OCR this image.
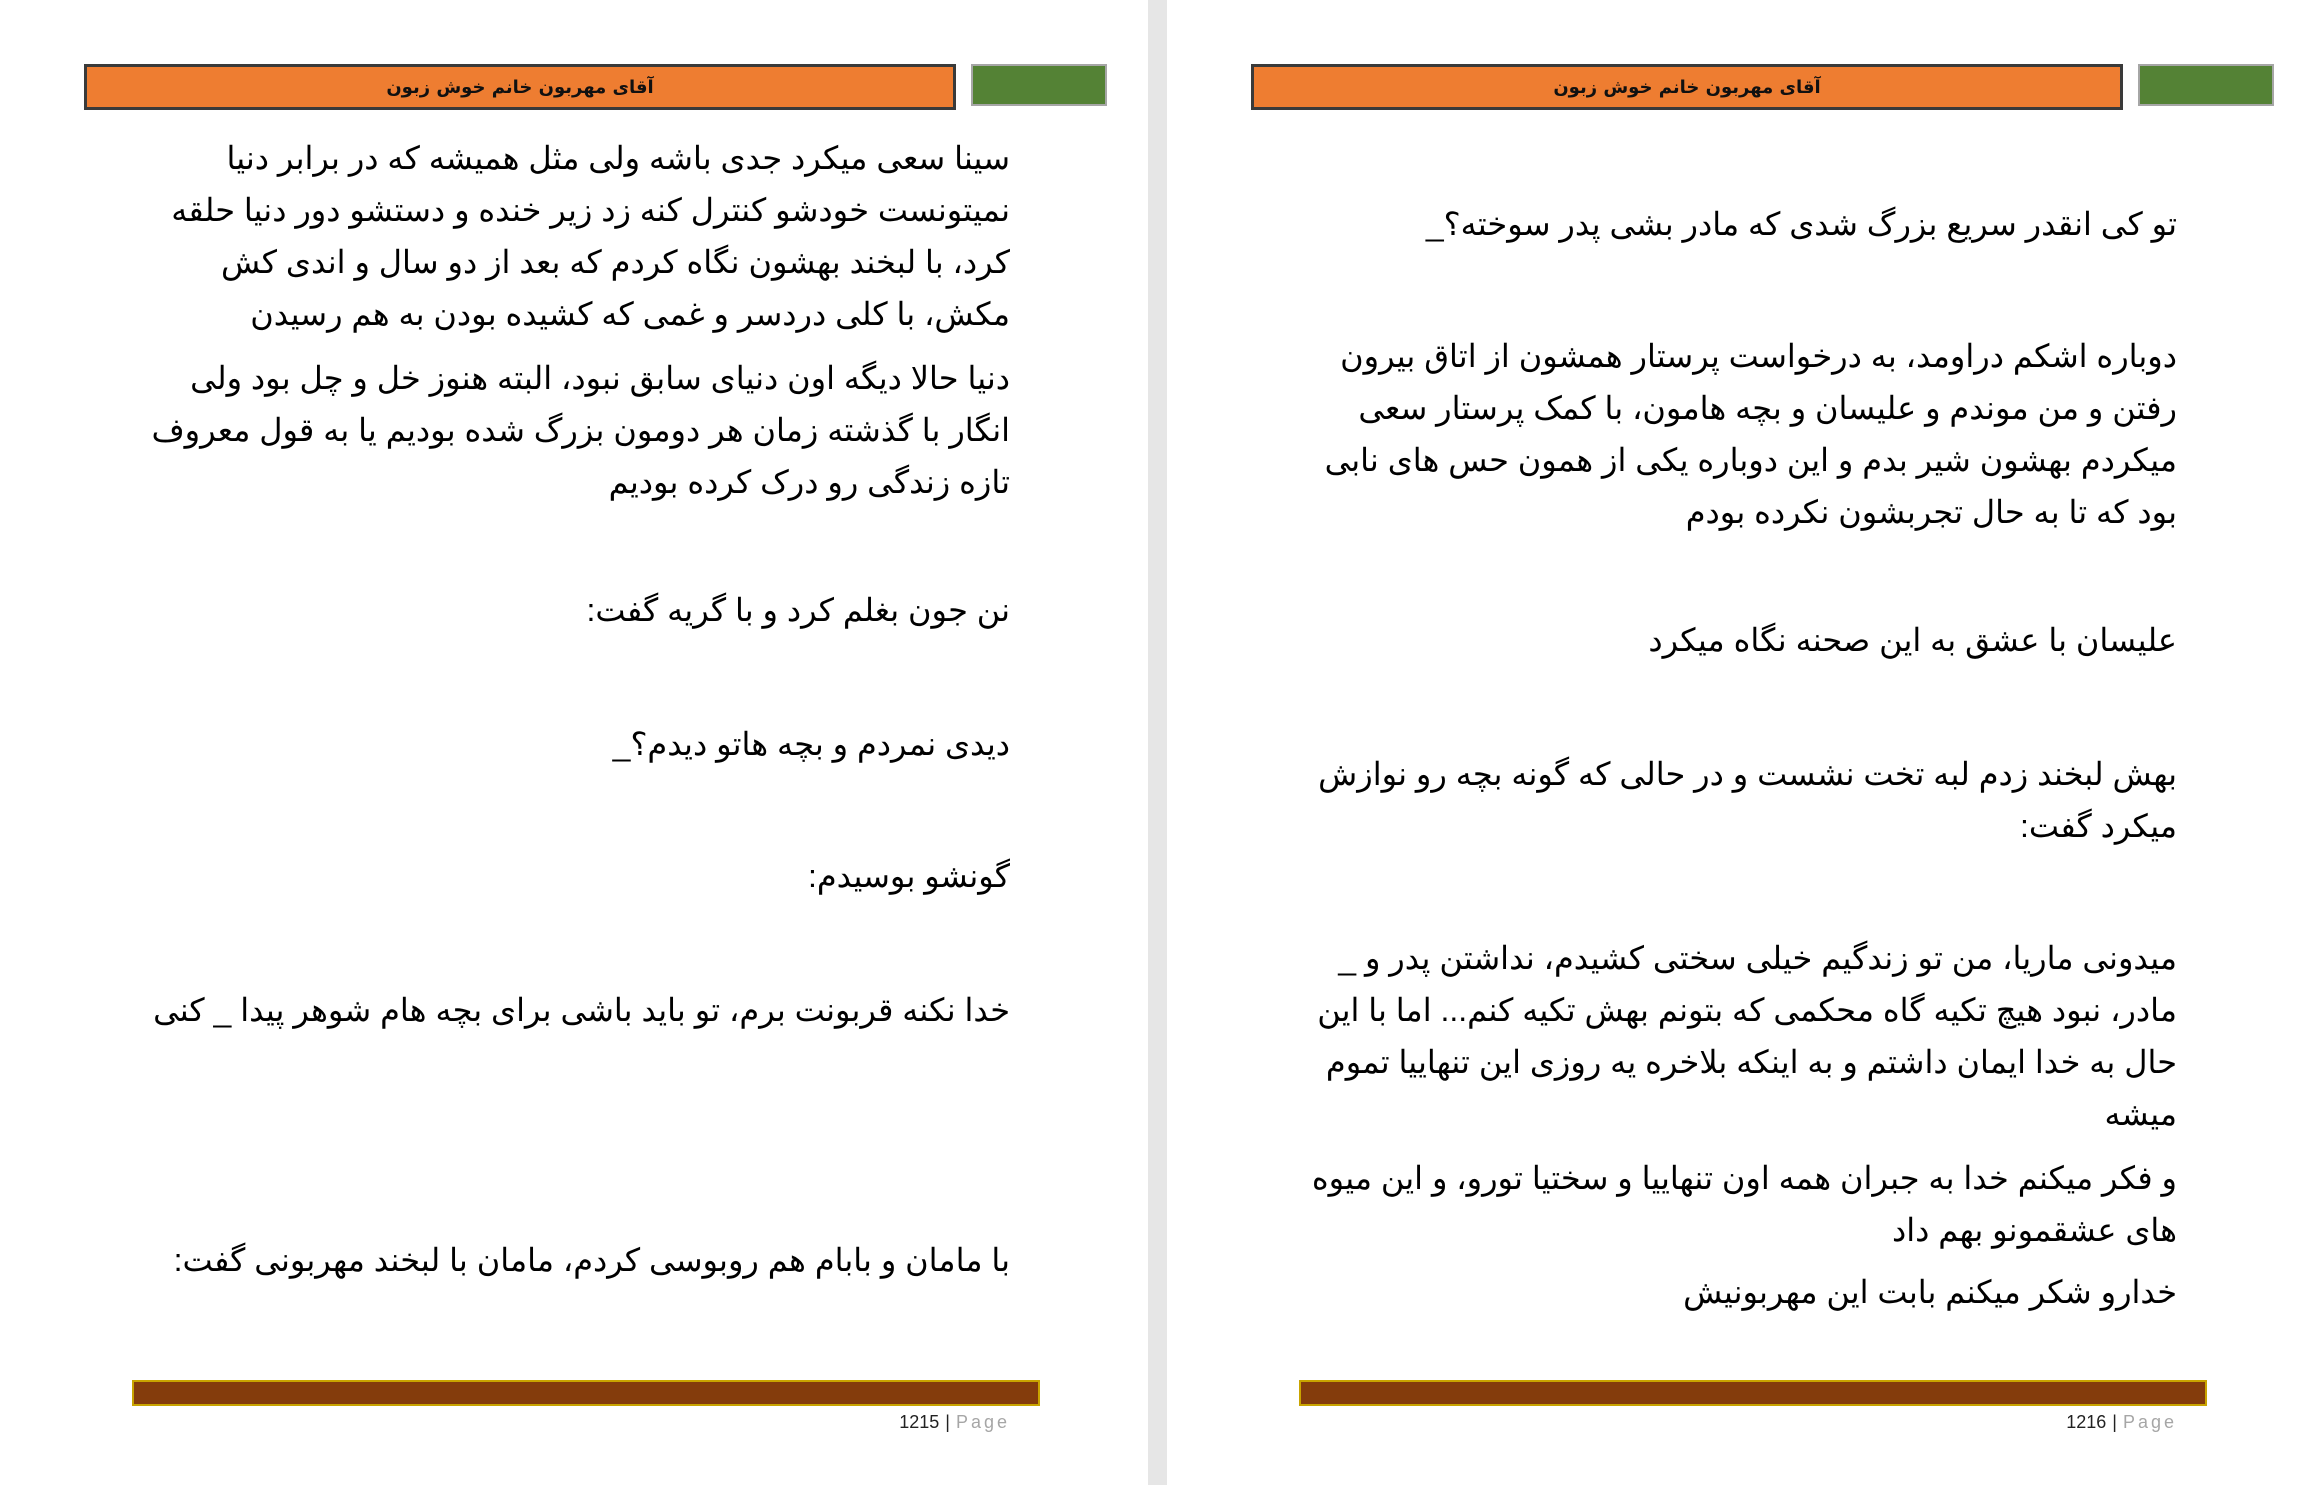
آقای مهربون خانم خوش زبون

سینا سعی میکرد جدی باشه ولی مثل همیشه که در برابر دنیا نمیتونست خودشو کنترل کنه زد زیر خنده و دستشو دور دنیا حلقه کرد، با لبخند بهشون نگاه کردم که بعد از دو سال و اندی کش مکش، با کلی دردسر و غمی که کشیده بودن به هم رسیدن

دنیا حالا دیگه اون دنیای سابق نبود، البته هنوز خل و چل بود ولی انگار با گذشته زمان هر دومون بزرگ شده بودیم یا به قول معروف تازه زندگی رو درک کرده بودیم

نن جون بغلم کرد و با گریه گفت:

دیدی نمردم و بچه هاتو دیدم؟_

گونشو بوسیدم:

خدا نکنه قربونت برم، تو باید باشی برای بچه هام شوهر پیدا _ کنی

با مامان و بابام هم روبوسی کردم، مامان با لبخند مهربونی گفت:

1215 | Page
آقای مهربون خانم خوش زبون

تو کی انقدر سریع بزرگ شدی که مادر بشی پدر سوخته؟_

دوباره اشکم دراومد، به درخواست پرستار همشون از اتاق بیرون رفتن و من موندم و علیسان و بچه هامون، با کمک پرستار سعی میکردم بهشون شیر بدم و این دوباره یکی از همون حس های نابی بود که تا به حال تجربشون نکرده بودم

علیسان با عشق به این صحنه نگاه میکرد

بهش لبخند زدم لبه تخت نشست و در حالی که گونه بچه رو نوازش میکرد گفت:

میدونی ماریا، من تو زندگیم خیلی سختی کشیدم، نداشتن پدر و _ مادر، نبود هیچ تکیه گاه محکمی که بتونم بهش تکیه کنم... اما با این حال به خدا ایمان داشتم و به اینکه بلاخره یه روزی این تنهاییا تموم میشه

و فکر میکنم خدا به جبران همه اون تنهاییا و سختیا تورو، و این میوه های عشقمونو بهم داد

خدارو شکر میکنم بابت این مهربونیش

1216 | Page
